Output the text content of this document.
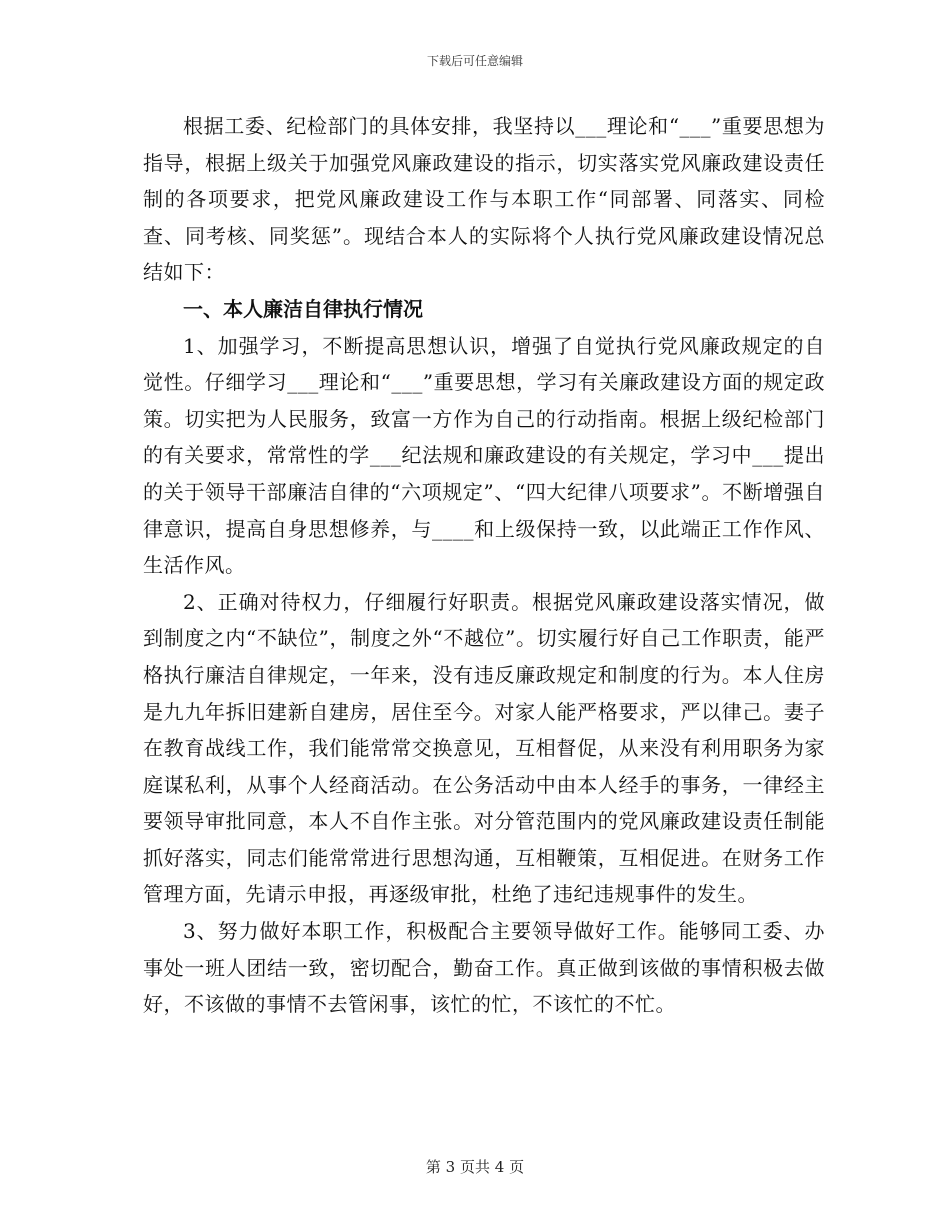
下载后可任意编辑

根据工委、纪检部门的具体安排，我坚持以___理论和“___”重要思想为指导，根据上级关于加强党风廉政建设的指示，切实落实党风廉政建设责任制的各项要求，把党风廉政建设工作与本职工作“同部署、同落实、同检查、同考核、同奖惩”。现结合本人的实际将个人执行党风廉政建设情况总结如下：

一、本人廉洁自律执行情况

1、加强学习，不断提高思想认识，增强了自觉执行党风廉政规定的自觉性。仔细学习___理论和“___”重要思想，学习有关廉政建设方面的规定政策。切实把为人民服务，致富一方作为自己的行动指南。根据上级纪检部门的有关要求，常常性的学___纪法规和廉政建设的有关规定，学习中___提出的关于领导干部廉洁自律的“六项规定”、“四大纪律八项要求”。不断增强自律意识，提高自身思想修养，与____和上级保持一致，以此端正工作作风、生活作风。

2、正确对待权力，仔细履行好职责。根据党风廉政建设落实情况，做到制度之内“不缺位”，制度之外“不越位”。切实履行好自己工作职责，能严格执行廉洁自律规定，一年来，没有违反廉政规定和制度的行为。本人住房是九九年拆旧建新自建房，居住至今。对家人能严格要求，严以律己。妻子在教育战线工作，我们能常常交换意见，互相督促，从来没有利用职务为家庭谋私利，从事个人经商活动。在公务活动中由本人经手的事务，一律经主要领导审批同意，本人不自作主张。对分管范围内的党风廉政建设责任制能抓好落实，同志们能常常进行思想沟通，互相鞭策，互相促进。在财务工作管理方面，先请示申报，再逐级审批，杜绝了违纪违规事件的发生。

3、努力做好本职工作，积极配合主要领导做好工作。能够同工委、办事处一班人团结一致，密切配合，勤奋工作。真正做到该做的事情积极去做好，不该做的事情不去管闲事，该忙的忙，不该忙的不忙。

第 3 页共 4 页
